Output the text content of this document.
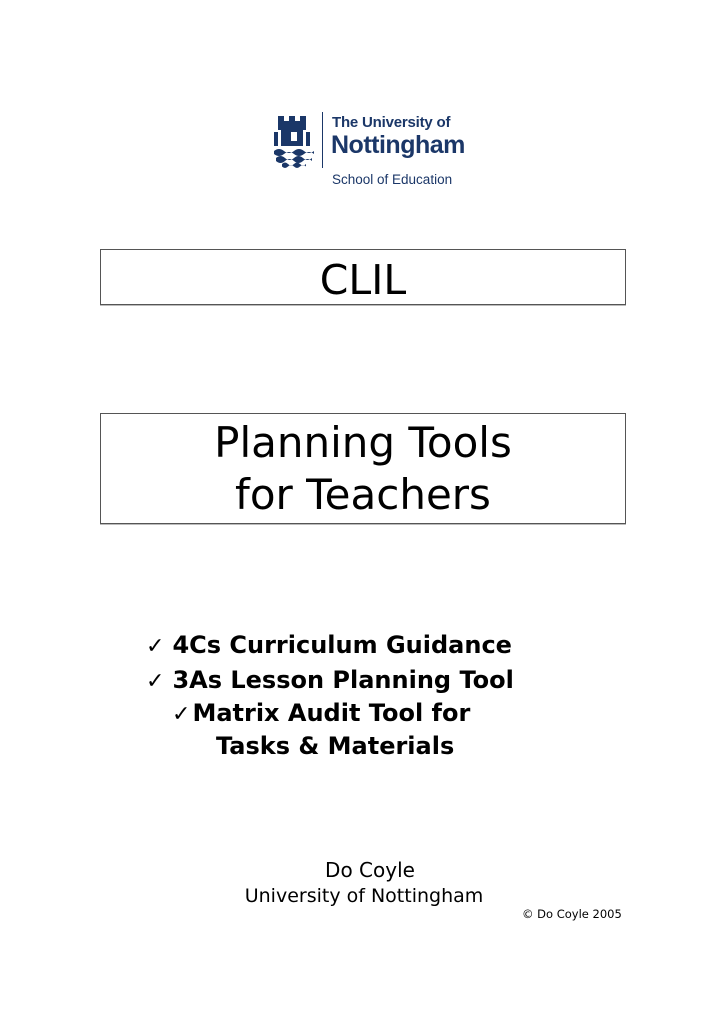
The University of
Nottingham
School of Education
CLIL
Planning Tools
for Teachers
✓ 4Cs Curriculum Guidance
✓ 3As Lesson Planning Tool
✓Matrix Audit Tool for
Tasks & Materials
Do Coyle
University of Nottingham
© Do Coyle 2005
